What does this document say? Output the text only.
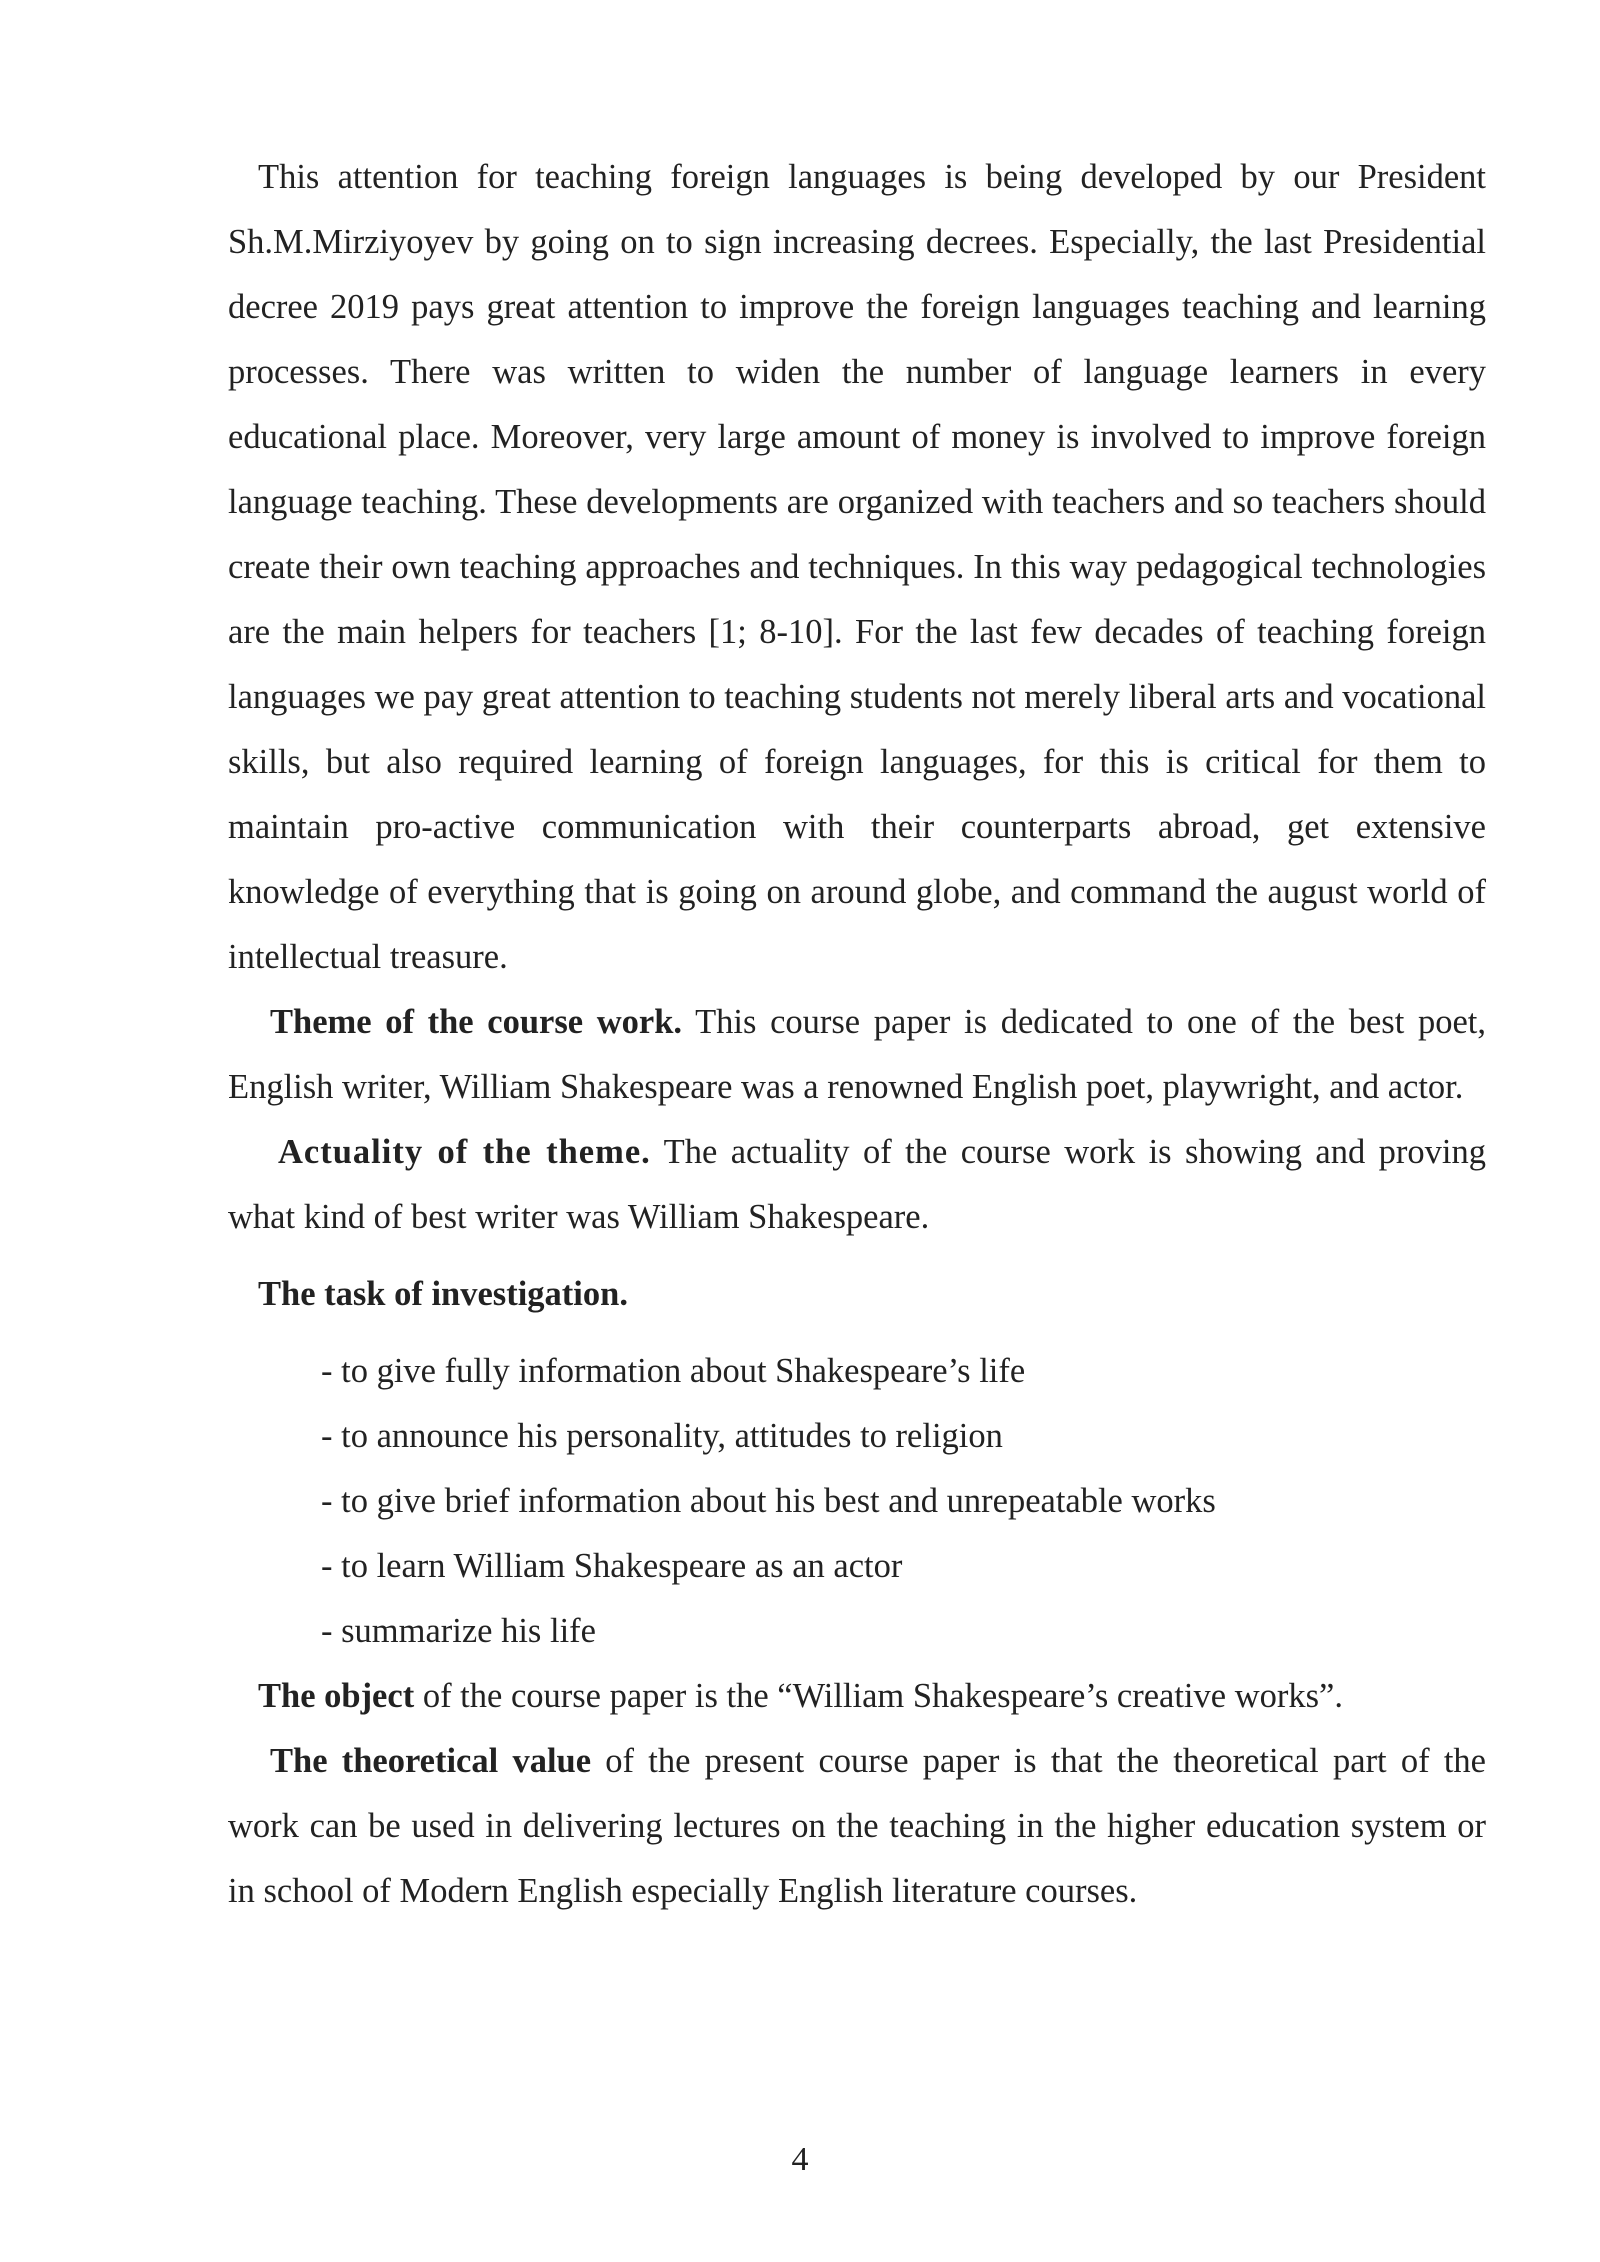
This attention for teaching foreign languages is being developed by our President Sh.M.Mirziyoyev by going on to sign increasing decrees. Especially, the last Presidential decree 2019 pays great attention to improve the foreign languages teaching and learning processes. There was written to widen the number of language learners in every educational place. Moreover, very large amount of money is involved to improve foreign language teaching. These developments are organized with teachers and so teachers should create their own teaching approaches and techniques. In this way pedagogical technologies are the main helpers for teachers [1; 8-10]. For the last few decades of teaching foreign languages we pay great attention to teaching students not merely liberal arts and vocational skills, but also required learning of foreign languages, for this is critical for them to maintain pro-active communication with their counterparts abroad, get extensive knowledge of everything that is going on around globe, and command the august world of intellectual treasure.

Theme of the course work. This course paper is dedicated to one of the best poet, English writer, William Shakespeare was a renowned English poet, playwright, and actor.

Actuality of the theme. The actuality of the course work is showing and proving what kind of best writer was William Shakespeare.

The task of investigation.
- to give fully information about Shakespeare’s life
- to announce his personality, attitudes to religion
- to give brief information about his best and unrepeatable works
- to learn William Shakespeare as an actor
- summarize his life

The object of the course paper is the “William Shakespeare’s creative works”.

The theoretical value of the present course paper is that the theoretical part of the work can be used in delivering lectures on the teaching in the higher education system or in school of Modern English especially English literature courses.

4
